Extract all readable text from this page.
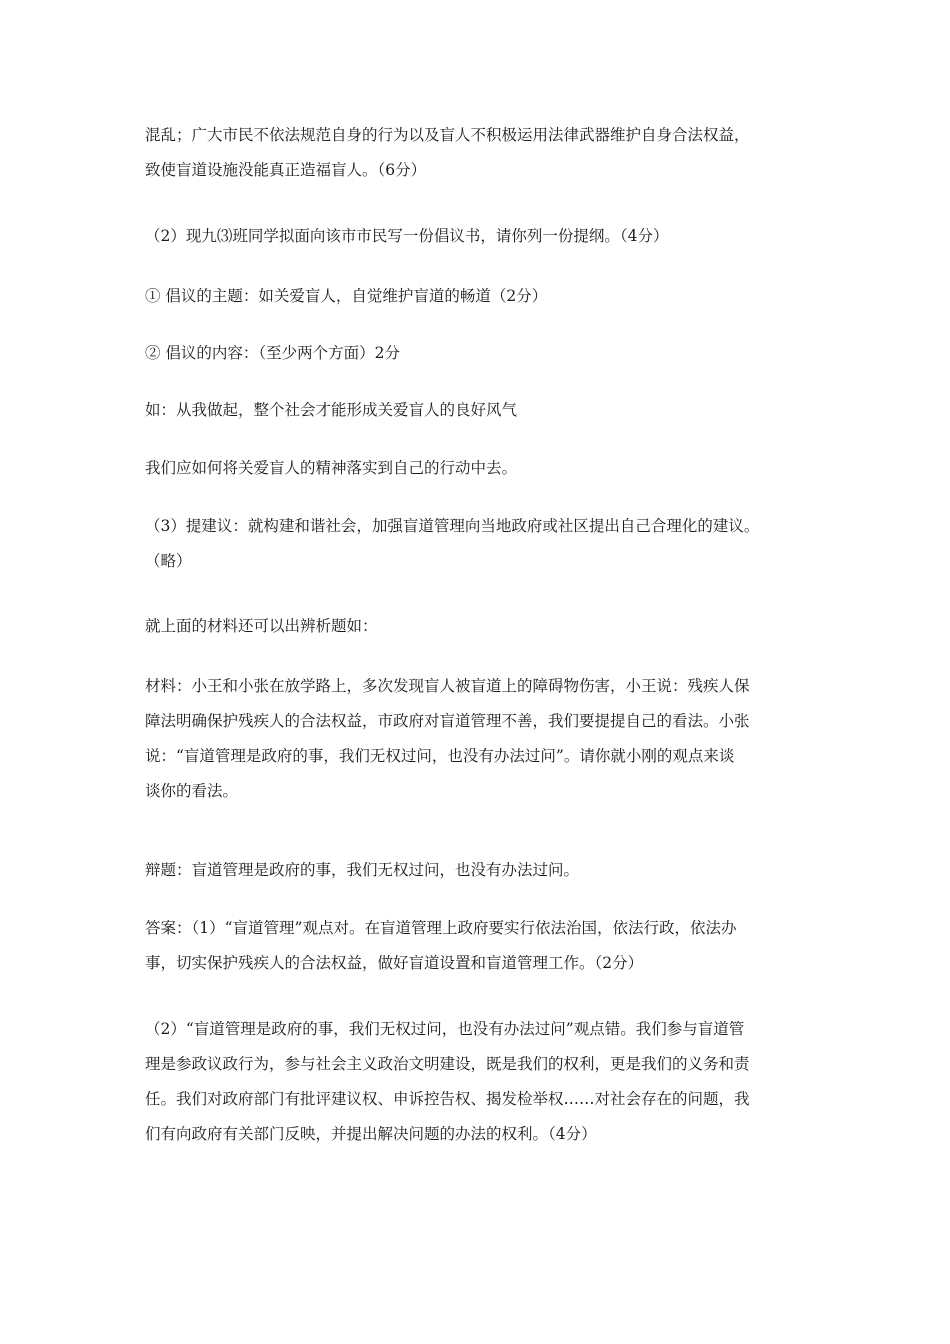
混乱；广大市民不依法规范自身的行为以及盲人不积极运用法律武器维护自身合法权益，
致使盲道设施没能真正造福盲人。（6分）

（2）现九⑶班同学拟面向该市市民写一份倡议书，请你列一份提纲。（4分）

① 倡议的主题：如关爱盲人，自觉维护盲道的畅道（2分）

② 倡议的内容：（至少两个方面）2分

如：从我做起，整个社会才能形成关爱盲人的良好风气

我们应如何将关爱盲人的精神落实到自己的行动中去。

（3）提建议：就构建和谐社会，加强盲道管理向当地政府或社区提出自己合理化的建议。
（略）

就上面的材料还可以出辨析题如：

材料：小王和小张在放学路上，多次发现盲人被盲道上的障碍物伤害，小王说：残疾人保
障法明确保护残疾人的合法权益，市政府对盲道管理不善，我们要提提自己的看法。小张
说：“盲道管理是政府的事，我们无权过问，也没有办法过问”。请你就小刚的观点来谈
谈你的看法。

辩题：盲道管理是政府的事，我们无权过问，也没有办法过问。

答案：（1）“盲道管理”观点对。在盲道管理上政府要实行依法治国，依法行政，依法办
事，切实保护残疾人的合法权益，做好盲道设置和盲道管理工作。（2分）

（2）“盲道管理是政府的事，我们无权过问，也没有办法过问”观点错。我们参与盲道管
理是参政议政行为，参与社会主义政治文明建设，既是我们的权利，更是我们的义务和责
任。我们对政府部门有批评建议权、申诉控告权、揭发检举权……对社会存在的问题，我
们有向政府有关部门反映，并提出解决问题的办法的权利。（4分）
